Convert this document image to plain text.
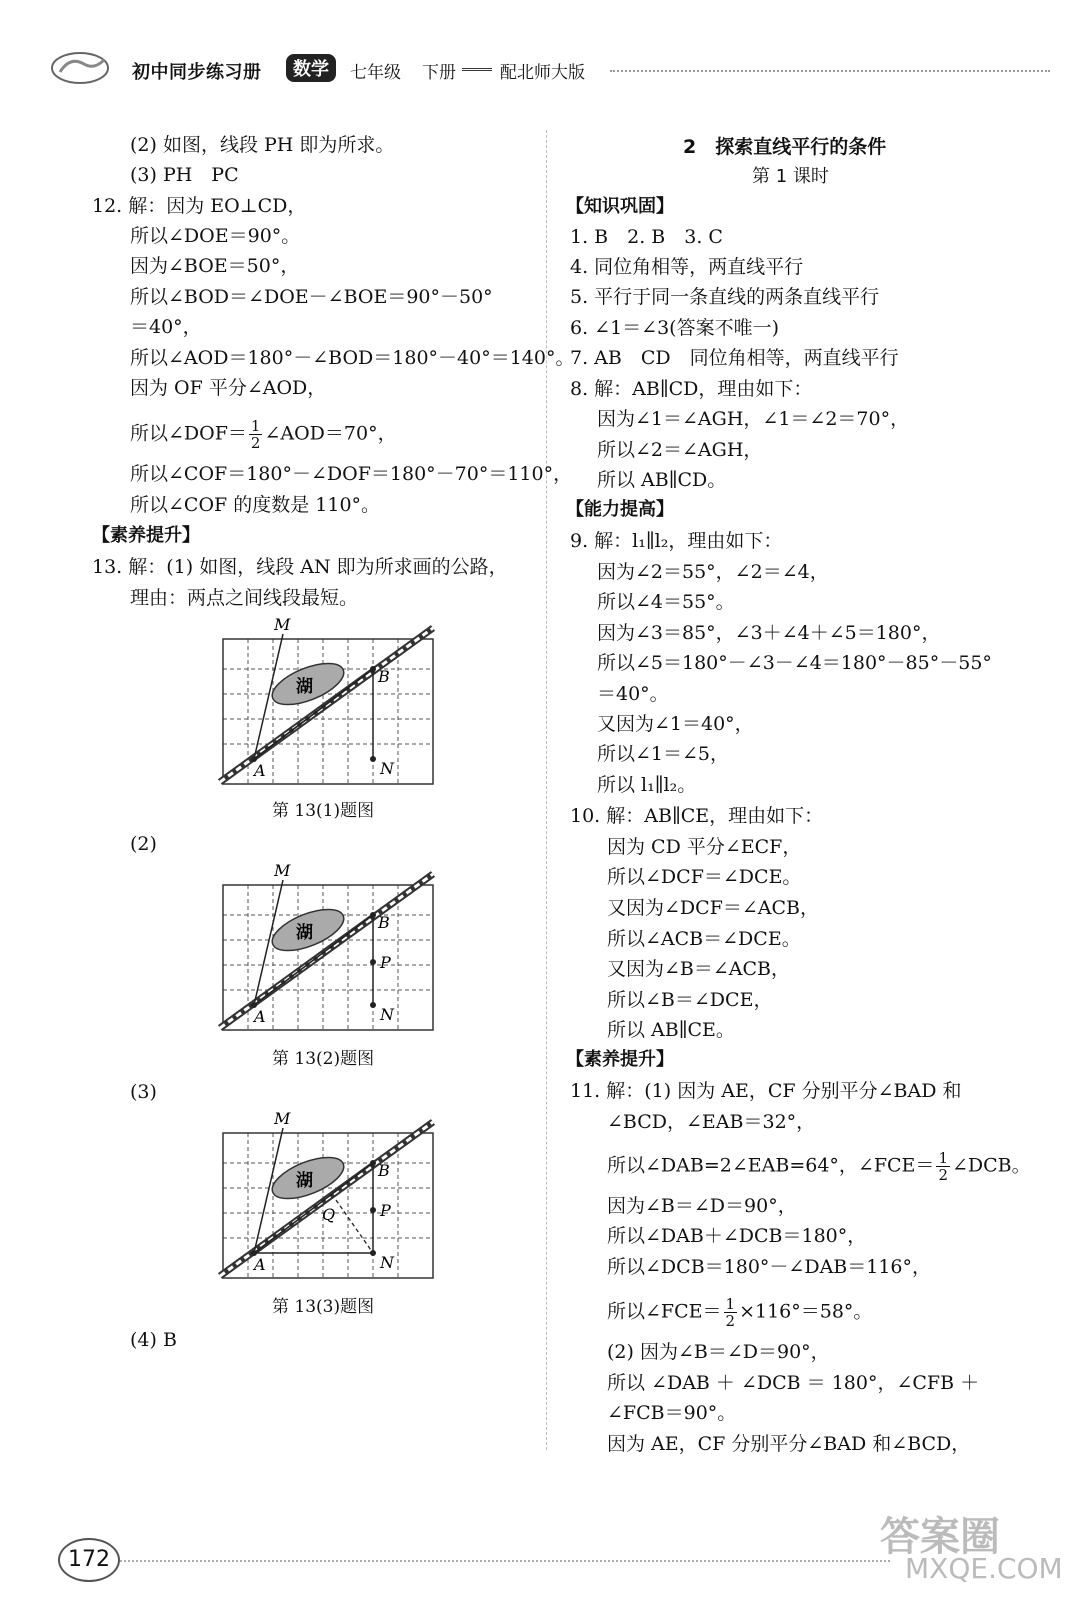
初中同步练习册	数学	七年级 下册	配北师大版
(2) 如图，线段 PH 即为所求。
(3) PH　PC
12. 解：因为 EO⊥CD，
所以∠DOE＝90°。
因为∠BOE＝50°，
所以∠BOD＝∠DOE－∠BOE＝90°－50°
＝40°，
所以∠AOD＝180°－∠BOD＝180°－40°＝140°。
因为 OF 平分∠AOD，
所以∠DOF＝ $\frac{1}{2}$ ∠AOD＝70°，
所以∠COF＝180°－∠DOF＝180°－70°＝110°，
所以∠COF 的度数是 110°。
【素养提升】
13. 解：(1) 如图，线段 AN 即为所求画的公路，
理由：两点之间线段最短。
M
B
A	N
湖
第 13(1)题图
(2)
M
B
P
A	N
湖
第 13(2)题图
(3)
M
B
P
Q
A	N
湖
第 13(3)题图
(4) B
2　探索直线平行的条件
第 1 课时
【知识巩固】
1. B　2. B　3. C
4. 同位角相等，两直线平行
5. 平行于同一条直线的两条直线平行
6. ∠1＝∠3(答案不唯一)
7. AB　CD　同位角相等，两直线平行
8. 解：AB∥CD，理由如下：
因为∠1＝∠AGH，∠1＝∠2＝70°，
所以∠2＝∠AGH，
所以 AB∥CD。
【能力提高】
9. 解：l₁∥l₂，理由如下：
因为∠2＝55°，∠2＝∠4，
所以∠4＝55°。
因为∠3＝85°，∠3＋∠4＋∠5＝180°，
所以∠5＝180°－∠3－∠4＝180°－85°－55°
＝40°。
又因为∠1＝40°，
所以∠1＝∠5，
所以 l₁∥l₂。
10. 解：AB∥CE，理由如下：
因为 CD 平分∠ECF，
所以∠DCF＝∠DCE。
又因为∠DCF＝∠ACB，
所以∠ACB＝∠DCE。
又因为∠B＝∠ACB，
所以∠B＝∠DCE，
所以 AB∥CE。
【素养提升】
11. 解：(1) 因为 AE，CF 分别平分∠BAD 和
∠BCD，∠EAB＝32°，
所以∠DAB=2∠EAB=64°，∠FCE＝ $\frac{1}{2}$ ∠DCB。
因为∠B＝∠D＝90°，
所以∠DAB＋∠DCB＝180°，
所以∠DCB＝180°－∠DAB＝116°，
所以∠FCE＝ $\frac{1}{2} \times 116^\circ=58^\circ$。
(2) 因为∠B＝∠D＝90°，
所以 ∠DAB ＋ ∠DCB ＝ 180°，∠CFB ＋
∠FCB＝90°。
因为 AE，CF 分别平分∠BAD 和∠BCD，
172	答案圈
MXQE.COM
